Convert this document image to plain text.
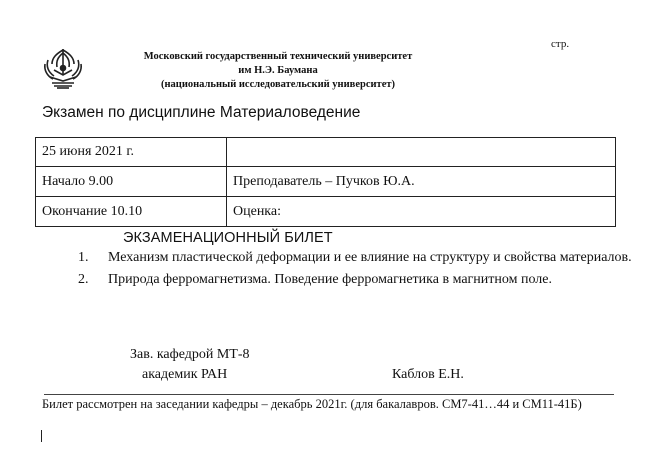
стр.
Московский государственный технический университет
им Н.Э. Баумана
(национальный исследовательский университет)
Экзамен по дисциплине Материаловедение
25 июня 2021 г.	
Начало 9.00	Преподаватель – Пучков Ю.А.
Окончание 10.10	Оценка:
ЭКЗАМЕНАЦИОННЫЙ БИЛЕТ
1. Механизм пластической деформации и ее влияние на структуру и свойства материалов.
2. Природа ферромагнетизма. Поведение ферромагнетика в магнитном поле.
Зав. кафедрой МТ-8
академик РАН	Каблов Е.Н.
Билет рассмотрен на заседании кафедры – декабрь 2021г. (для бакалавров. СМ7-41…44 и СМ11-41Б)
